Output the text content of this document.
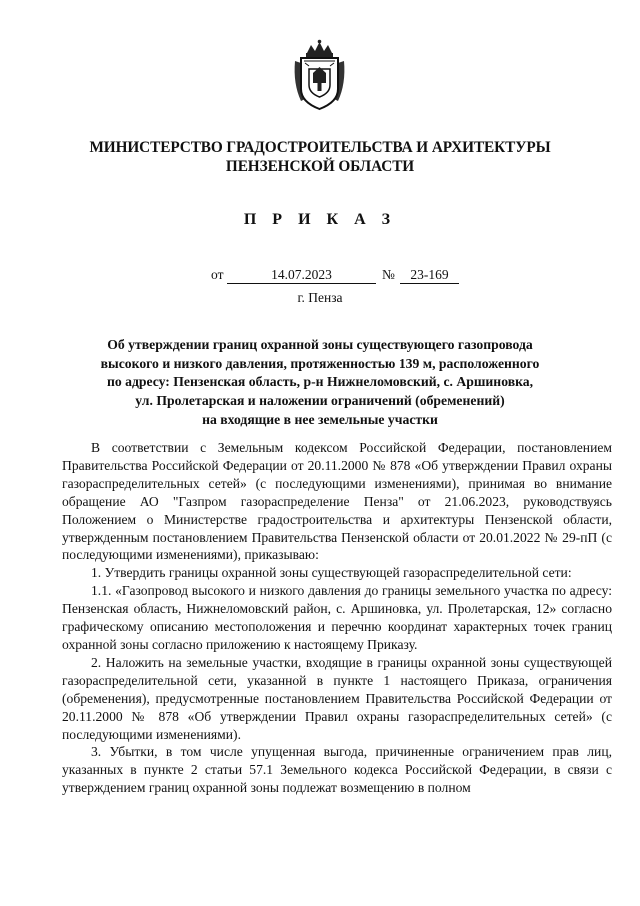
МИНИСТЕРСТВО ГРАДОСТРОИТЕЛЬСТВА И АРХИТЕКТУРЫ
ПЕНЗЕНСКОЙ ОБЛАСТИ
П Р И К А З
от	14.07.2023	№	23-169
г. Пенза
Об утверждении границ охранной зоны существующего газопровода
высокого и низкого давления, протяженностью 139 м, расположенного
по адресу: Пензенская область, р-н Нижнеломовский, с. Аршиновка,
ул. Пролетарская и наложении ограничений (обременений)
на входящие в нее земельные участки

В соответствии с Земельным кодексом Российской Федерации, постановлением Правительства Российской Федерации от 20.11.2000 № 878 «Об утверждении Правил охраны газораспределительных сетей» (с последующими изменениями), принимая во внимание обращение АО "Газпром газораспределение Пенза" от 21.06.2023, руководствуясь Положением о Министерстве градостроительства и архитектуры Пензенской области, утвержденным постановлением Правительства Пензенской области от 20.01.2022 № 29-пП (с последующими изменениями), приказываю:

1. Утвердить границы охранной зоны существующей газораспределительной сети:

1.1. «Газопровод высокого и низкого давления до границы земельного участка по адресу: Пензенская область, Нижнеломовский район, с. Аршиновка, ул. Пролетарская, 12» согласно графическому описанию местоположения и перечню координат характерных точек границ охранной зоны согласно приложению к настоящему Приказу.

2. Наложить на земельные участки, входящие в границы охранной зоны существующей газораспределительной сети, указанной в пункте 1 настоящего Приказа, ограничения (обременения), предусмотренные постановлением Правительства Российской Федерации от 20.11.2000 № 878 «Об утверждении Правил охраны газораспределительных сетей» (с последующими изменениями).

3. Убытки, в том числе упущенная выгода, причиненные ограничением прав лиц, указанных в пункте 2 статьи 57.1 Земельного кодекса Российской Федерации, в связи с утверждением границ охранной зоны подлежат возмещению в полном
